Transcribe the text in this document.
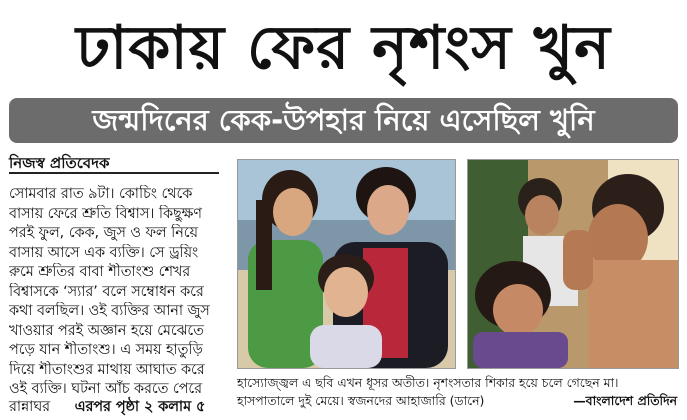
ঢাকায় ফের নৃশংস খুন
জন্মদিনের কেক-উপহার নিয়ে এসেছিল খুনি
নিজস্ব প্রতিবেদক
সোমবার রাত ৯টা। কোচিং থেকে
বাসায় ফেরে শ্রুতি বিশ্বাস। কিছুক্ষণ
পরই ফুল, কেক, জুস ও ফল নিয়ে
বাসায় আসে এক ব্যক্তি। সে ড্রয়িং
রুমে শ্রুতির বাবা শীতাংশু শেখর
বিশ্বাসকে ‘স্যার’ বলে সম্বোধন করে
কথা বলছিল। ওই ব্যক্তির আনা জুস
খাওয়ার পরই অজ্ঞান হয়ে মেঝেতে
পড়ে যান শীতাংশু। এ সময় হাতুড়ি
দিয়ে শীতাংশুর মাথায় আঘাত করে
ওই ব্যক্তি। ঘটনা আঁচ করতে পেরে
রান্নাঘর এরপর পৃষ্ঠা ২ কলাম ৫
হাস্যোজ্জ্বল এ ছবি এখন ধূসর অতীত। নৃশংসতার শিকার হয়ে চলে গেছেন মা।
হাসপাতালে দুই মেয়ে। স্বজনদের আহাজারি (ডানে)	—বাংলাদেশ প্রতিদিন
